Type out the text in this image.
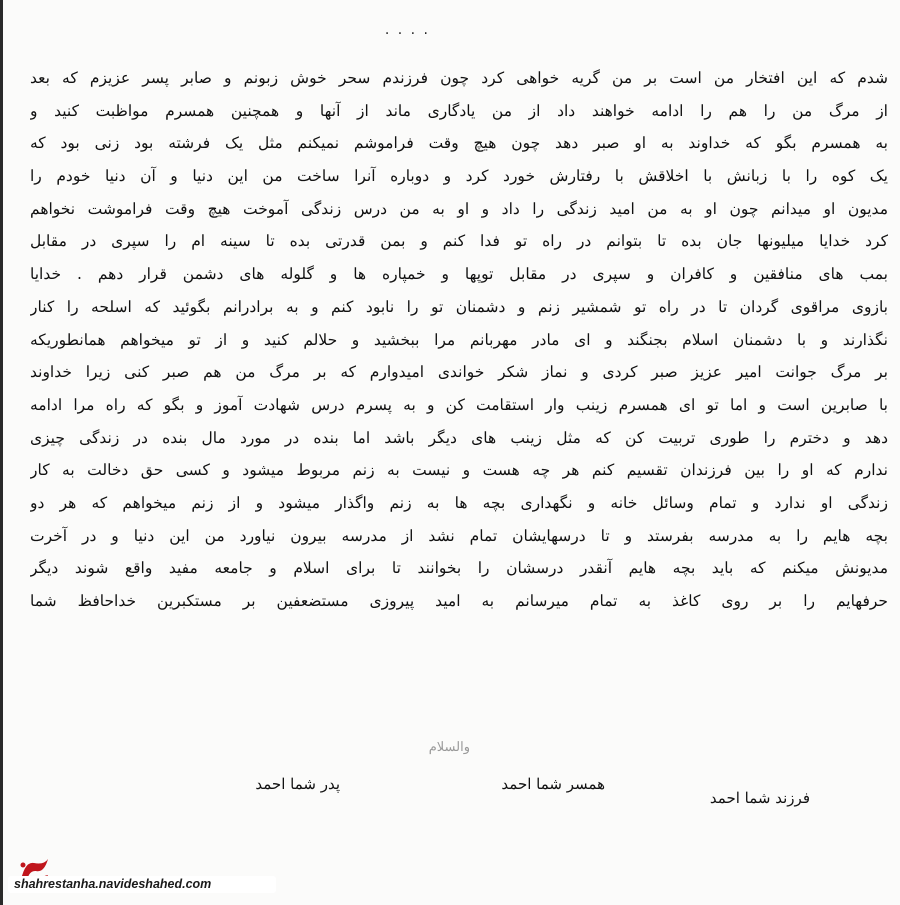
. . . .
شدم که این افتخار من است بر من گریه خواهی کرد چون فرزندم سحر خوش زبونم و صابر پسر عزیزم که بعد
از مرگ من را هم را ادامه خواهند داد از من یادگاری ماند از آنها و همچنین همسرم مواظبت کنید و
به همسرم بگو که خداوند به او صبر دهد چون هیچ وقت فراموشم نمیکنم مثل یک فرشته بود زنی بود که
یک کوه را با زبانش با اخلاقش با رفتارش خورد کرد و دوباره آنرا ساخت من این دنیا و آن دنیا خودم را
مدیون او میدانم چون او به من امید زندگی را داد و او به من درس زندگی آموخت هیچ وقت فراموشت نخواهم
کرد خدایا میلیونها جان بده تا بتوانم در راه تو فدا کنم و بمن قدرتی بده تا سینه ام را سپری در مقابل
بمب های منافقین و کافران و سپری در مقابل توپها و خمپاره ها و گلوله های دشمن قرار دهم . خدایا
بازوی مراقوی گردان تا در راه تو شمشیر زنم و دشمنان تو را نابود کنم و به برادرانم بگوئید که اسلحه را کنار
نگذارند و با دشمنان اسلام بجنگند و ای مادر مهربانم مرا ببخشید و حلالم کنید و از تو میخواهم همانطوریکه
بر مرگ جوانت امیر عزیز صبر کردی و نماز شکر خواندی امیدوارم که بر مرگ من هم صبر کنی زیرا خداوند
با صابرین است و اما تو ای همسرم زینب وار استقامت کن و به پسرم درس شهادت آموز و بگو که راه مرا ادامه
دهد و دخترم را طوری تربیت کن که مثل زینب های دیگر باشد اما بنده در مورد مال بنده در زندگی چیزی
ندارم که او را بین فرزندان تقسیم کنم هر چه هست و نیست به زنم مربوط میشود و کسی حق دخالت به کار
زندگی او ندارد و تمام وسائل خانه و نگهداری بچه ها به زنم واگذار میشود و از زنم میخواهم که هر دو
بچه هایم را به مدرسه بفرستد و تا درسهایشان تمام نشد از مدرسه بیرون نیاورد من این دنیا و در آخرت
مدیونش میکنم که باید بچه هایم آنقدر درسشان را بخوانند تا برای اسلام و جامعه مفید واقع شوند دیگر
حرفهایم را بر روی کاغذ به تمام میرسانم به امید پیروزی مستضعفین بر مستکبرین خداحافظ شما
والسلام
فرزند شما احمد
همسر شما احمد
پدر شما احمد
shahrestanha.navideshahed.com
